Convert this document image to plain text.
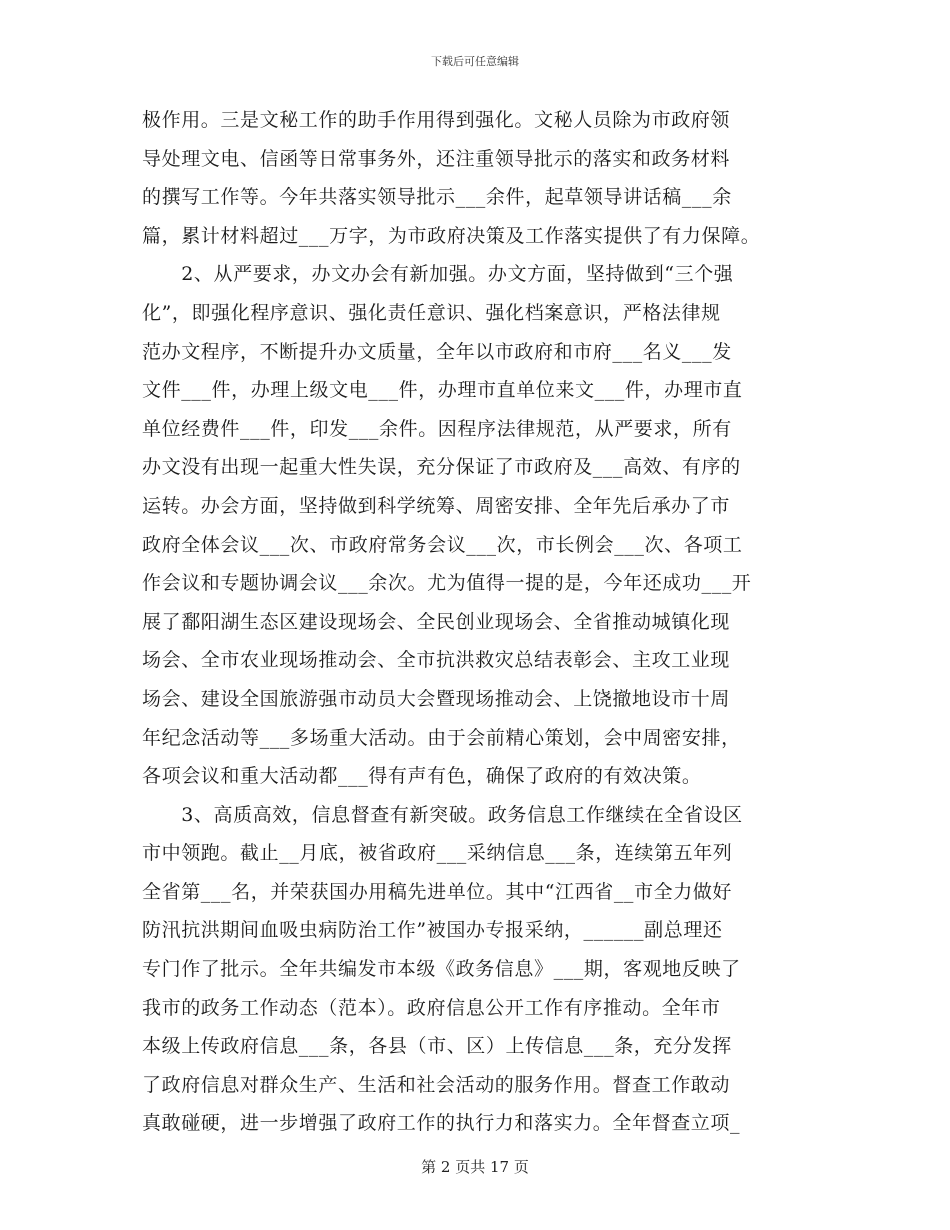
下载后可任意编辑
极作用。三是文秘工作的助手作用得到强化。文秘人员除为市政府领
导处理文电、信函等日常事务外，还注重领导批示的落实和政务材料
的撰写工作等。今年共落实领导批示___余件，起草领导讲话稿___余
篇，累计材料超过___万字，为市政府决策及工作落实提供了有力保障。
　　2、从严要求，办文办会有新加强。办文方面，坚持做到“三个强
化”，即强化程序意识、强化责任意识、强化档案意识，严格法律规
范办文程序，不断提升办文质量，全年以市政府和市府___名义___发
文件___件，办理上级文电___件，办理市直单位来文___件，办理市直
单位经费件___件，印发___余件。因程序法律规范，从严要求，所有
办文没有出现一起重大性失误，充分保证了市政府及___高效、有序的
运转。办会方面，坚持做到科学统筹、周密安排、全年先后承办了市
政府全体会议___次、市政府常务会议___次，市长例会___次、各项工
作会议和专题协调会议___余次。尤为值得一提的是，今年还成功___开
展了鄱阳湖生态区建设现场会、全民创业现场会、全省推动城镇化现
场会、全市农业现场推动会、全市抗洪救灾总结表彰会、主攻工业现
场会、建设全国旅游强市动员大会暨现场推动会、上饶撤地设市十周
年纪念活动等___多场重大活动。由于会前精心策划，会中周密安排，
各项会议和重大活动都___得有声有色，确保了政府的有效决策。
　　3、高质高效，信息督查有新突破。政务信息工作继续在全省设区
市中领跑。截止__月底，被省政府___采纳信息___条，连续第五年列
全省第___名，并荣获国办用稿先进单位。其中“江西省__市全力做好
防汛抗洪期间血吸虫病防治工作”被国办专报采纳，______副总理还
专门作了批示。全年共编发市本级《政务信息》___期，客观地反映了
我市的政务工作动态（范本）。政府信息公开工作有序推动。全年市
本级上传政府信息___条，各县（市、区）上传信息___条，充分发挥
了政府信息对群众生产、生活和社会活动的服务作用。督查工作敢动
真敢碰硬，进一步增强了政府工作的执行力和落实力。全年督查立项_
第 2 页共 17 页
